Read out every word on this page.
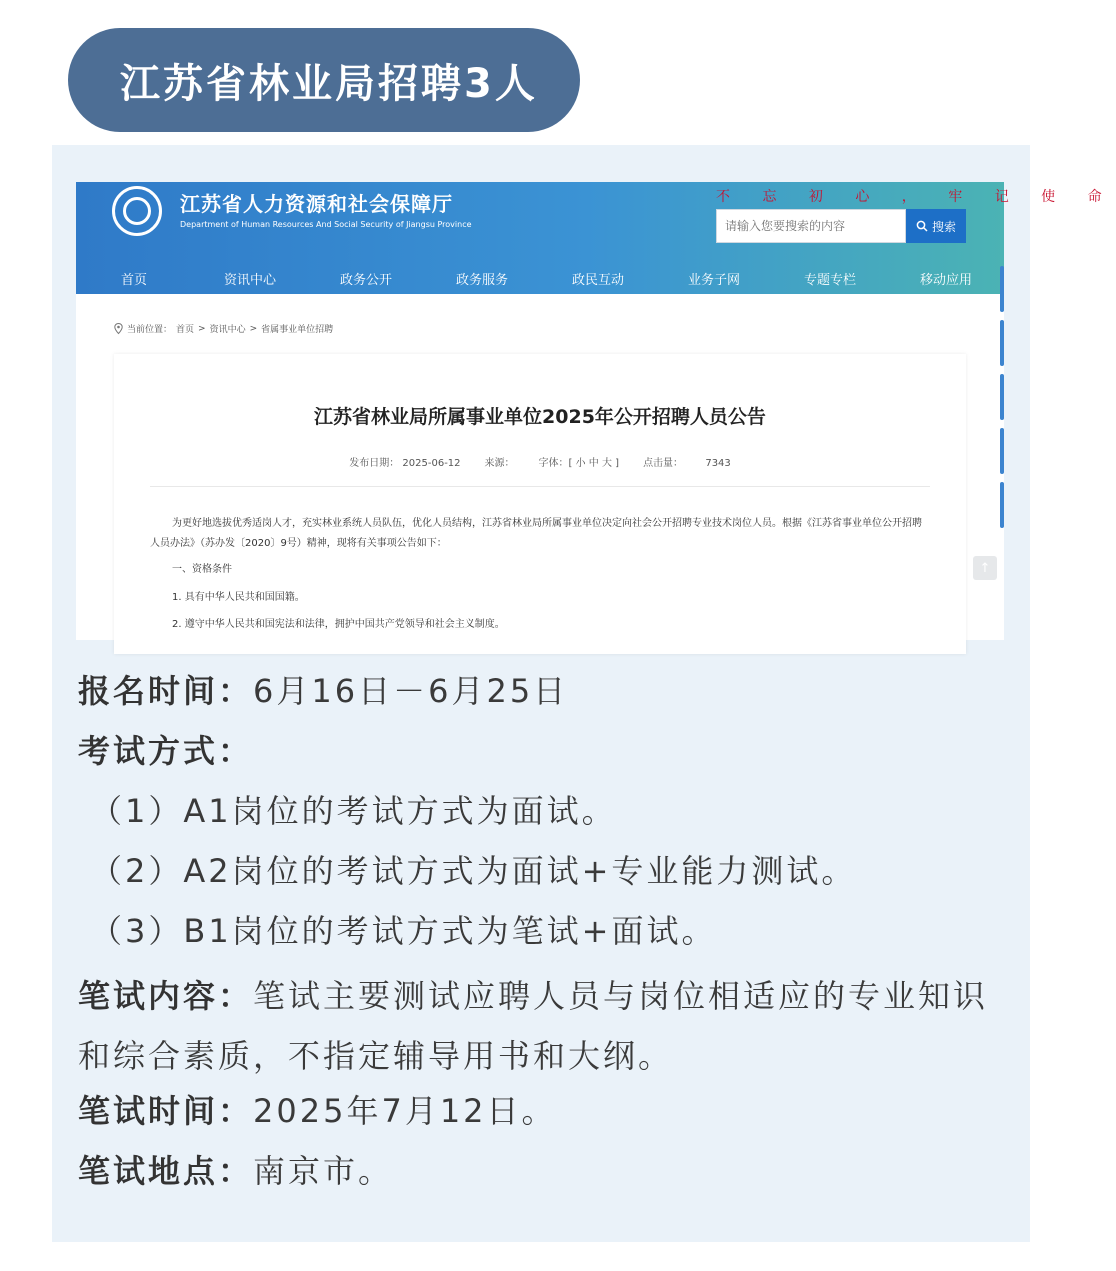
江苏省林业局招聘3人
江苏省人力资源和社会保障厅
Department of Human Resources And Social Security of Jiangsu Province
不 忘 初 心 ， 牢 记 使 命
请输入您要搜索的内容
搜索
首页	资讯中心	政务公开	政务服务	政民互动	业务子网	专题专栏	移动应用
当前位置： 首页 > 资讯中心 > 省属事业单位招聘
江苏省林业局所属事业单位2025年公开招聘人员公告
发布日期： 2025-06-12 来源： 字体：[ 小 中 大 ] 点击量： 7343
为更好地选拔优秀适岗人才，充实林业系统人员队伍，优化人员结构，江苏省林业局所属事业单位决定向社会公开招聘专业技术岗位人员。根据《江苏省事业单位公开招聘人员办法》（苏办发〔2020〕9号）精神，现将有关事项公告如下：
一、资格条件
1. 具有中华人民共和国国籍。
2. 遵守中华人民共和国宪法和法律，拥护中国共产党领导和社会主义制度。
↑
报名时间：6月16日－6月25日
考试方式：
（1）A1岗位的考试方式为面试。
（2）A2岗位的考试方式为面试+专业能力测试。
（3）B1岗位的考试方式为笔试+面试。
笔试内容：笔试主要测试应聘人员与岗位相适应的专业知识和综合素质，不指定辅导用书和大纲。
笔试时间：2025年7月12日。
笔试地点：南京市。
